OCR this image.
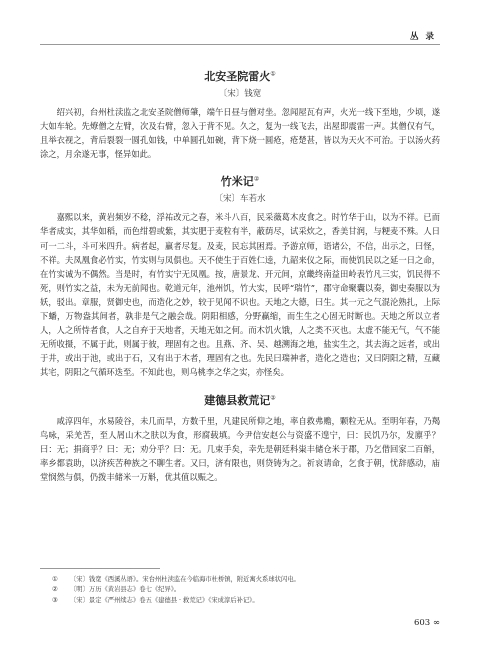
丛 录
北安圣院雷火①
〔宋〕钱宽

绍兴初，台州杜渎监之北安圣院僧师肇，端午日昼与僧对坐。忽闻屋瓦有声，火光一线下至地，少顷，遂大如车轮。先燎僧之左臂，次及右臂，忽入于背不见。久之，复为一线飞去，出屋即震雷一声。其僧仅有气，且举衣视之，背后裂裂一圆孔如钱，中单圆孔如碗，背下烧一圆疮，疮楚甚，皆以为天火不可治。于以汤火药涂之，月余遂无事，怪异如此。

竹米记②
〔宋〕车若水

嘉熙以来，黄岩频岁不稔，浮祐改元之春，米斗八百，民采薇葛木皮食之。时竹华于山，以为不祥。已而华者成实，其华如稻，而色绀碧或紫，其实肥于麦粒有半，蔽荫尽，试采炊之，香美甘润，与粳麦不殊。人日可一二斗，斗可米四升。病者起，羸者尽复。及麦，民忘其困焉。予游京师，语诸公，不信，出示之，曰怪，不祥。夫凤凰食必竹实，竹实则与凤俱也。天不使生于百姓仁逵，九韶来仪之际，而使饥民以之延一日之命，在竹实诚为不偶然。当是时，有竹实宁无凤凰。按，唐景龙、开元间，京畿终南益田岭表竹凡三实，饥民得不死，则竹实之益，未为无前闻也。乾道元年，池州饥，竹大实，民呼“瑞竹”，郡守命聚囊以奏，御史奏服以为妖，驳出。章服，贤御史也，而造化之妙，较于见闻不识也。天地之大德，曰生。其一元之气混沦熟扎，上际下蟠，万物盎其间者，孰非是气之融会哉。阴阳相感，分野赢缩，而生生之心固无时断也。天地之所以立者人，人之所恃者食，人之自弃于天地者，天地无如之何。而木饥火饿，人之类不灭也。太虚不能无气，气不能无所收摄，不属于此，则属于彼，理固有之也。且燕、齐、吴、越溯海之地，盐实生之，其去海之远者，或出于井，或出于池，或出于石，又有出于木者，理固有之也。先民曰瑞神者，造化之造也；又曰阴阳之精，互藏其宅，阴阳之气循环迭至。不知此也，则乌桃李之华之实，亦怪矣。

建德县救荒记②

咸淳四年，水易陵谷，未几而旱，方数千里，凡建民所仰之地，率自救弗赡，颗粒无从。至明年春，乃羯鸟咏，采羌苦，至人屑山木之肤以为食，形腐载填。今尹信安赵公与资盛不遑宁，曰：民饥乃尔，发廪乎？曰：无；捐商乎？曰：无；劝分乎？曰：无。几束手矣，幸先是朝廷科粜丰储仓米于郡，乃乞借回家二百斛，率乡都袁助，以济疾苦种族之不聊生者。又曰，济有限也，则贷铸为之。祈哀请命，乞食于朝，忧辞感动，庙堂悯然与俱，仍拨丰储米一万斛，优其值以赈之。

① 〔宋〕钱宽《西溪丛语》。宋台州杜渎监在今临海市杜桥镇，附近寓火系球状闪电。
② 〔明〕万历《黄岩县志》卷七《纪异》。
③ 〔宋〕景定《严州续志》卷五《建德县 · 救荒记》《宋成淳后补记》。
603 ∞
